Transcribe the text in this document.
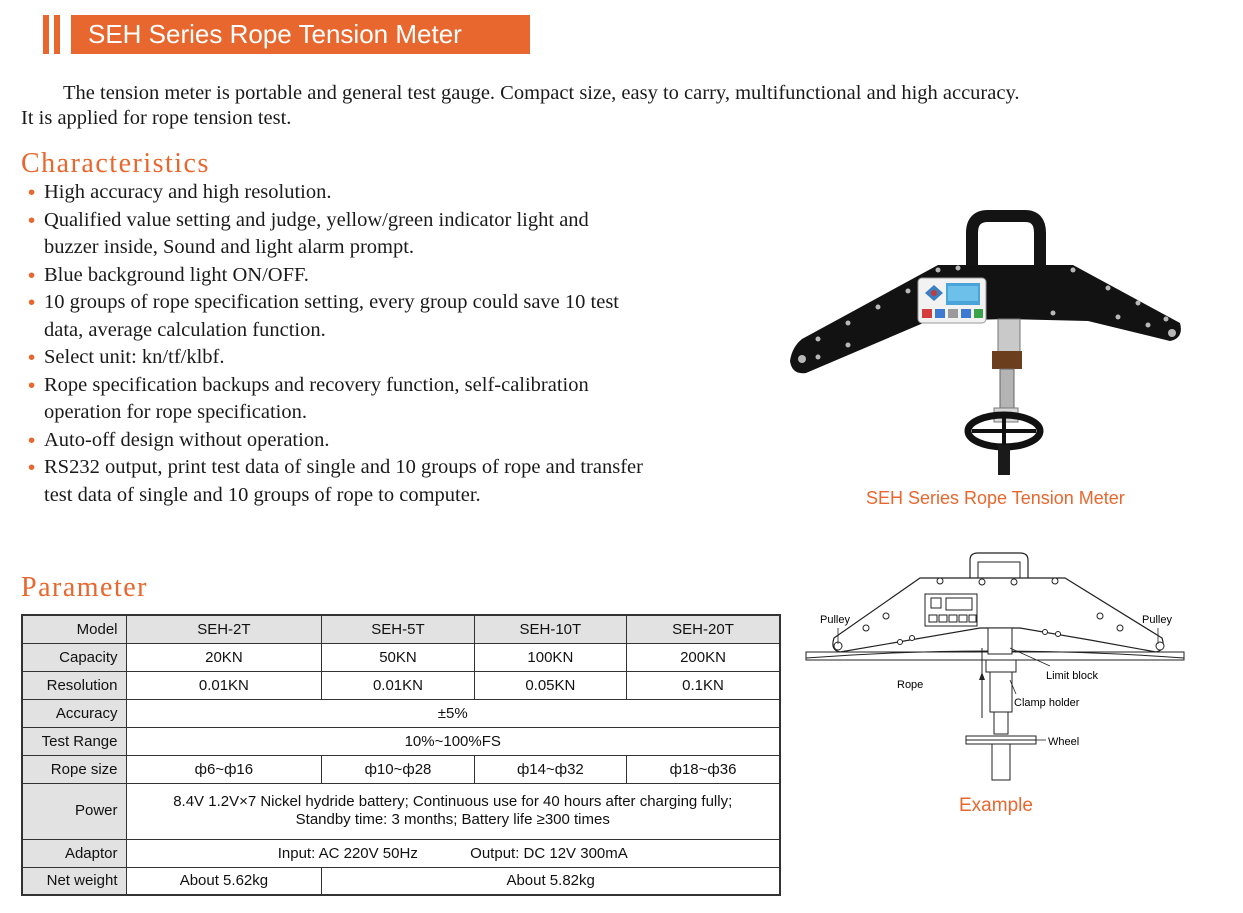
SEH Series Rope Tension Meter
The tension meter is portable and general test gauge. Compact size, easy to carry, multifunctional and high accuracy.
It is applied for rope tension test.
Characteristics
• High accuracy and high resolution.
• Qualified value setting and judge, yellow/green indicator light and
buzzer inside, Sound and light alarm prompt.
• Blue background light ON/OFF.
• 10 groups of rope specification setting, every group could save 10 test
data, average calculation function.
• Select unit: kn/tf/klbf.
• Rope specification backups and recovery function, self-calibration
operation for rope specification.
• Auto-off design without operation.
• RS232 output, print test data of single and 10 groups of rope and transfer
test data of single and 10 groups of rope to computer.	SEH Series Rope Tension Meter
Parameter
Model	SEH-2T	SEH-5T	SEH-10T	SEH-20T
Capacity	20KN	50KN	100KN	200KN
Resolution	0.01KN	0.01KN	0.05KN	0.1KN
Accuracy	±5%			
Test Range	10%~100%FS			
Rope size	ф6~ф16	ф10~ф28	ф14~ф32	ф18~ф36
Power	8.4V 1.2V×7 Nickel hydride battery; Continuous use for 40 hours after charging fully;
Standby time: 3 months; Battery life ≥300 times			
Adaptor	Input: AC 220V 50Hz Output: DC 12V 300mA			
Net weight	About 5.62kg	About 5.82kg		
Pulley	Pulley
Rope
Limit block
Clamp holder
Wheel
Example
